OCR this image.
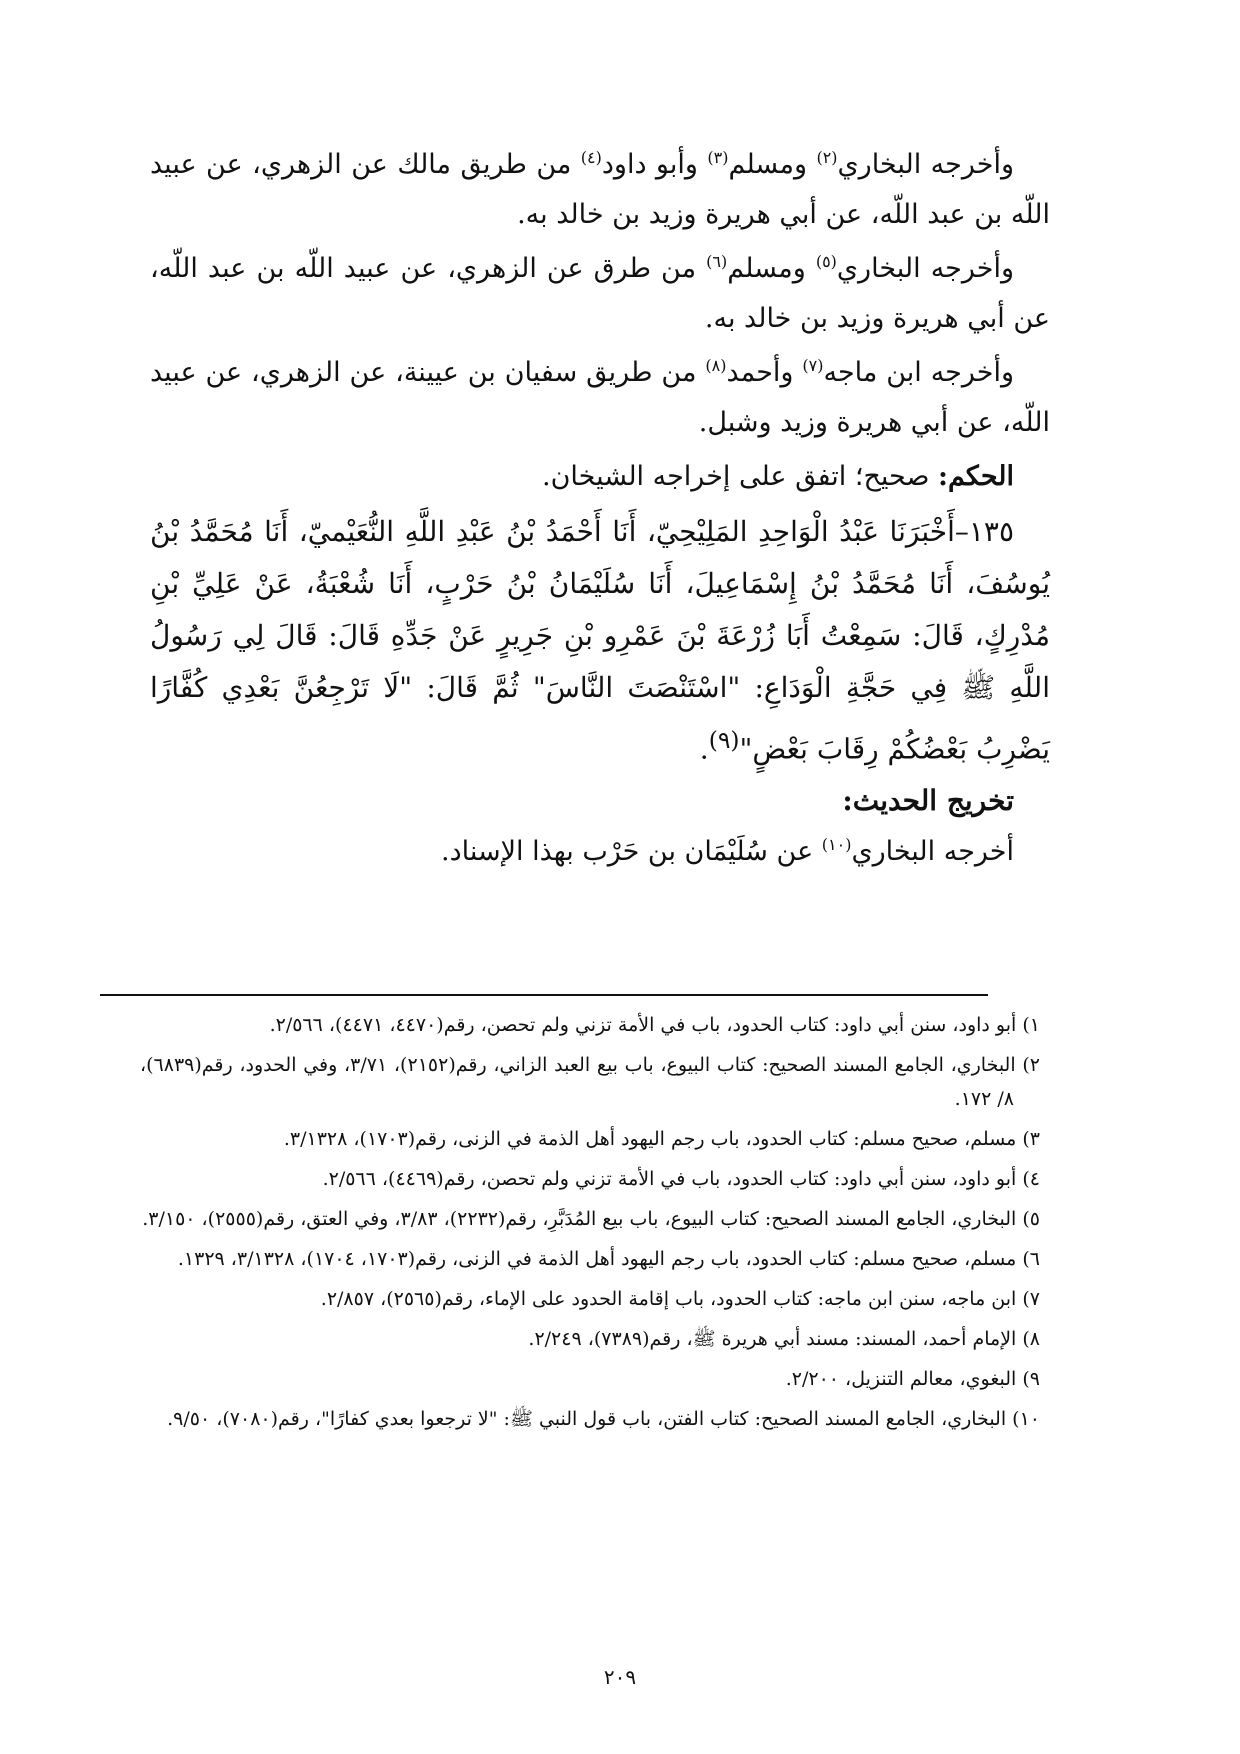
وأخرجه البخاري$^{(٢)}$ ومسلم$^{(٣)}$ وأبو داود$^{(٤)}$ من طريق مالك عن الزهري، عن عبيد اللّه بن عبد اللّه، عن أبي هريرة وزيد بن خالد به.

وأخرجه البخاري$^{(٥)}$ ومسلم$^{(٦)}$ من طرق عن الزهري، عن عبيد اللّه بن عبد اللّه، عن أبي هريرة وزيد بن خالد به.

وأخرجه ابن ماجه$^{(٧)}$ وأحمد$^{(٨)}$ من طريق سفيان بن عيينة، عن الزهري، عن عبيد اللّه، عن أبي هريرة وزيد وشبل.

الحكم: صحيح؛ اتفق على إخراجه الشيخان.

١٣٥–أَخْبَرَنَا عَبْدُ الْوَاحِدِ المَلِيْحِيّ، أَنَا أَحْمَدُ بْنُ عَبْدِ اللَّهِ النُّعَيْميّ، أَنَا مُحَمَّدُ بْنُ يُوسُفَ، أَنَا مُحَمَّدُ بْنُ إِسْمَاعِيلَ، أَنَا سُلَيْمَانُ بْنُ حَرْبٍ، أَنَا شُعْبَةُ، عَنْ عَلِيِّ بْنِ مُدْرِكٍ، قَالَ: سَمِعْتُ أَبَا زُرْعَةَ بْنَ عَمْرِو بْنِ جَرِيرٍ عَنْ جَدِّهِ قَالَ: قَالَ لِي رَسُولُ اللَّهِ ﷺ فِي حَجَّةِ الْوَدَاعِ: "اسْتَنْصَتَ النَّاسَ" ثُمَّ قَالَ: "لَا تَرْجِعُنَّ بَعْدِي كُفَّارًا يَضْرِبُ بَعْضُكُمْ رِقَابَ بَعْضٍ"$^{(٩)}$.

تخريج الحديث:

أخرجه البخاري$^{(١٠)}$ عن سُلَيْمَان بن حَرْب بهذا الإسناد.

١) أبو داود، سنن أبي داود: كتاب الحدود، باب في الأمة تزني ولم تحصن، رقم(٤٤٧٠، ٤٤٧١)، ٢/٥٦٦.

٢) البخاري، الجامع المسند الصحيح: كتاب البيوع، باب بيع العبد الزاني، رقم(٢١٥٢)، ٣/٧١، وفي الحدود، رقم(٦٨٣٩)، ٨/ ١٧٢.

٣) مسلم، صحيح مسلم: كتاب الحدود، باب رجم اليهود أهل الذمة في الزنى، رقم(١٧٠٣)، ٣/١٣٢٨.

٤) أبو داود، سنن أبي داود: كتاب الحدود، باب في الأمة تزني ولم تحصن، رقم(٤٤٦٩)، ٢/٥٦٦.

٥) البخاري، الجامع المسند الصحيح: كتاب البيوع، باب بيع المُدَبَّرِ، رقم(٢٢٣٢)، ٣/٨٣، وفي العتق، رقم(٢٥٥٥)، ٣/١٥٠.

٦) مسلم، صحيح مسلم: كتاب الحدود، باب رجم اليهود أهل الذمة في الزنى، رقم(١٧٠٣، ١٧٠٤)، ٣/١٣٢٨، ١٣٢٩.

٧) ابن ماجه، سنن ابن ماجه: كتاب الحدود، باب إقامة الحدود على الإماء، رقم(٢٥٦٥)، ٢/٨٥٧.

٨) الإمام أحمد، المسند: مسند أبي هريرة ﷺ، رقم(٧٣٨٩)، ٢/٢٤٩.

٩) البغوي، معالم التنزيل، ٢/٢٠٠.

١٠) البخاري، الجامع المسند الصحيح: كتاب الفتن، باب قول النبي ﷺ: "لا ترجعوا بعدي كفارًا"، رقم(٧٠٨٠)، ٩/٥٠.

٢٠٩
